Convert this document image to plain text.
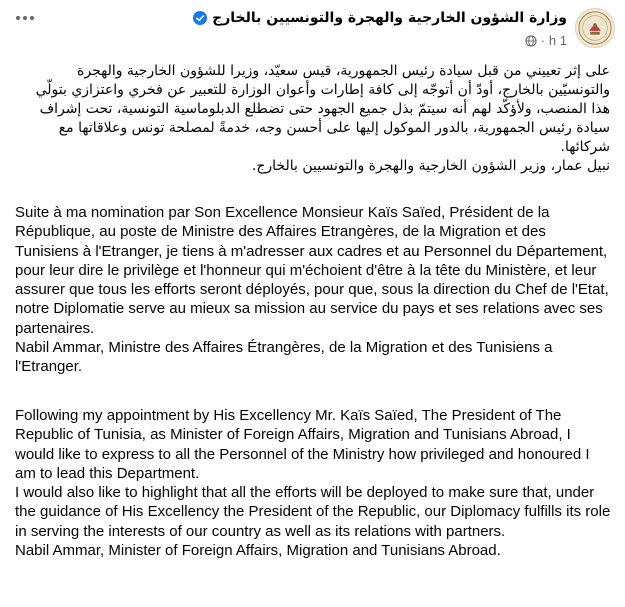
وزارة الشؤون الخارجية والهجرة والتونسيين بالخارج
1 h
·

على إثر تعييني من قبل سيادة رئيس الجمهورية، قيس سعيّد، وزيرا للشؤون الخارجية والهجرة والتونسيّين بالخارج، أودّ أن أتوجّه إلى كافة إطارات وأعوان الوزارة للتعبير عن فخري واعتزازي بتولّي هذا المنصب، ولأؤكّد لهم أنه سيتمّ بذل جميع الجهود حتى تضطلع الدبلوماسية التونسية، تحت إشراف سيادة رئيس الجمهورية، بالدور الموكول إليها على أحسن وجه، خدمةً لمصلحة تونس وعلاقاتها مع شركائها.

نبيل عمار، وزير الشؤون الخارجية والهجرة والتونسيين بالخارج.

Suite à ma nomination par Son Excellence Monsieur Kaïs Saïed, Président de la République, au poste de Ministre des Affaires Etrangères, de la Migration et des Tunisiens à l'Etranger, je tiens à m'adresser aux cadres et au Personnel du Département, pour leur dire le privilège et l'honneur qui m'échoient d'être à la tête du Ministère, et leur assurer que tous les efforts seront déployés, pour que, sous la direction du Chef de l'Etat, notre Diplomatie serve au mieux sa mission au service du pays et ses relations avec ses partenaires.

Nabil Ammar, Ministre des Affaires Étrangères, de la Migration et des Tunisiens a l'Etranger.

Following my appointment by His Excellency Mr. Kaïs Saïed, The President of The Republic of Tunisia, as Minister of Foreign Affairs, Migration and Tunisians Abroad, I would like to express to all the Personnel of the Ministry how privileged and honoured I am to lead this Department.

I would also like to highlight that all the efforts will be deployed to make sure that, under the guidance of His Excellency the President of the Republic, our Diplomacy fulfills its role in serving the interests of our country as well as its relations with partners.

Nabil Ammar, Minister of Foreign Affairs, Migration and Tunisians Abroad.
